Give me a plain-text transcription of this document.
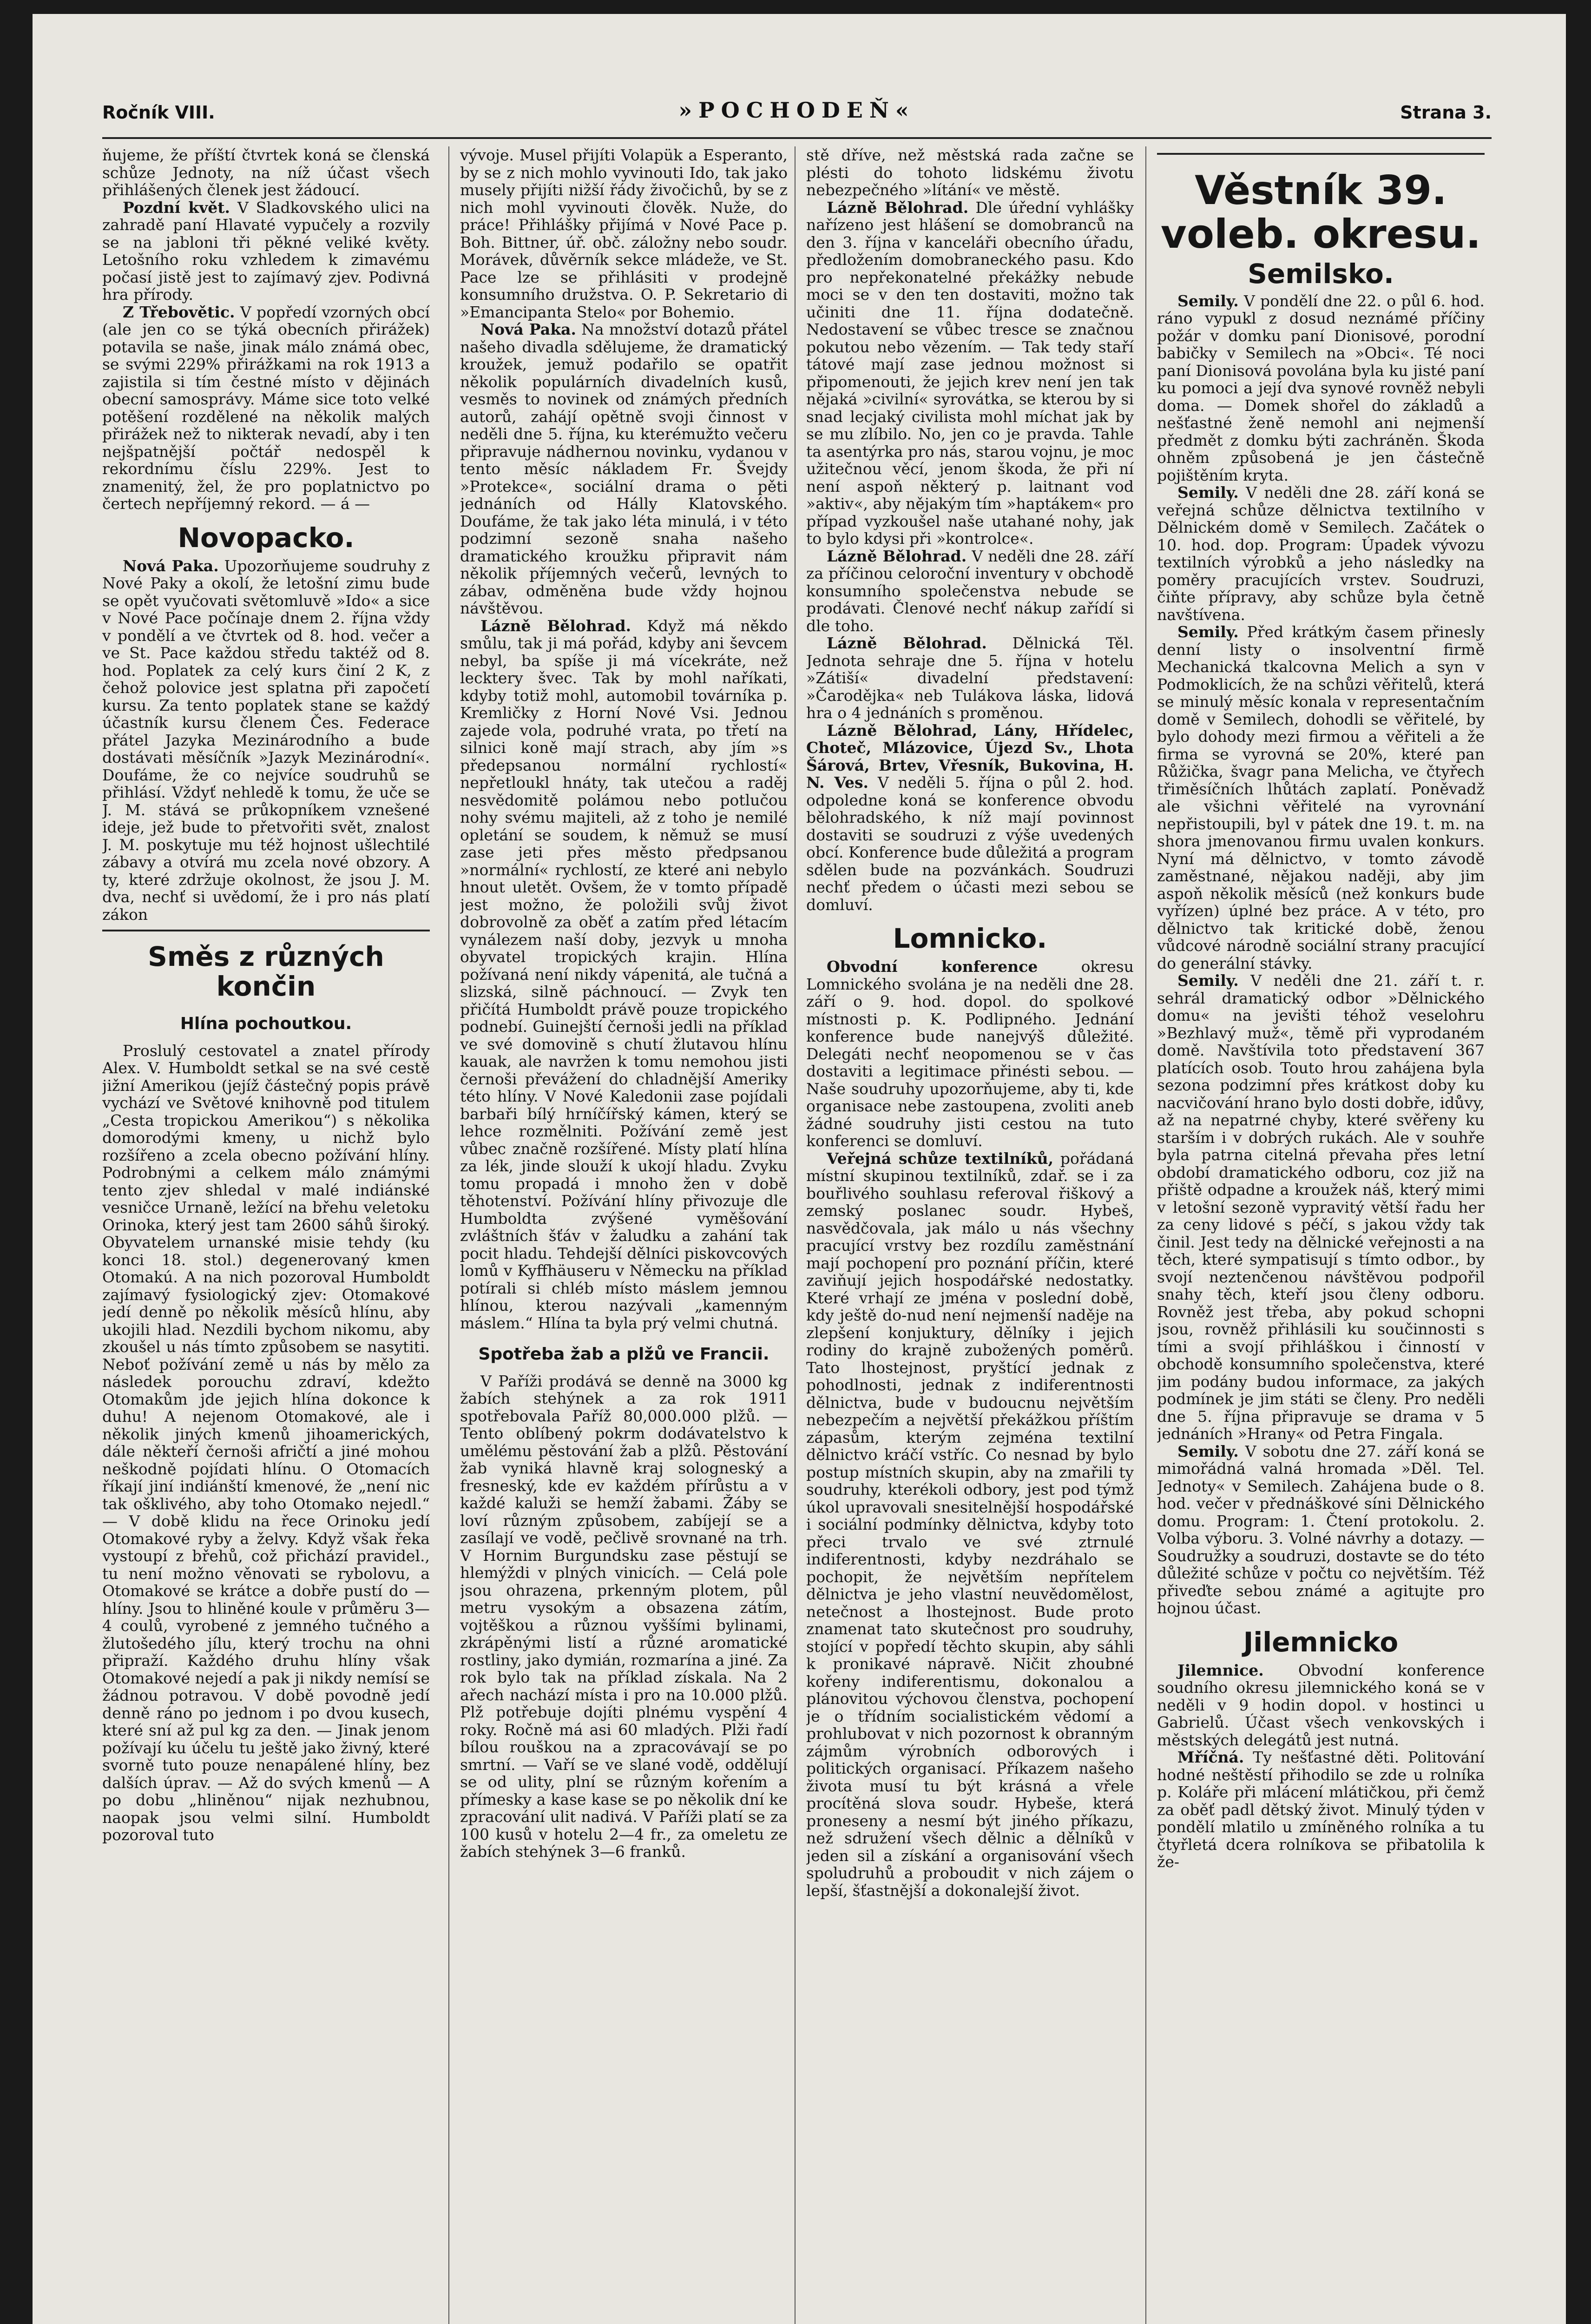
Ročník VIII.	»POCHODEŇ«	Strana 3.

ňujeme, že příští čtvrtek koná se členská schůze Jednoty, na níž účast všech přihlášených členek jest žádoucí.

Pozdní květ. V Sladkovského ulici na zahradě paní Hlavaté vypučely a rozvily se na jabloni tři pěkné veliké květy. Letošního roku vzhledem k zimavému počasí jistě jest to zajímavý zjev. Podivná hra přírody.

Z Třebovětic. V popředí vzorných obcí (ale jen co se týká obecních přirážek) potavila se naše, jinak málo známá obec, se svými 229% přirážkami na rok 1913 a zajistila si tím čestné místo v dějinách obecní samosprávy. Máme sice toto velké potěšení rozdělené na několik malých přirážek než to nikterak nevadí, aby i ten nejšpatnější počtář nedospěl k rekordnímu číslu 229%. Jest to znamenitý, žel, že pro poplatnictvo po čertech nepříjemný rekord. — á —

Novopacko.

Nová Paka. Upozorňujeme soudruhy z Nové Paky a okolí, že letošní zimu bude se opět vyučovati světomluvě »Ido« a sice v Nové Pace počínaje dnem 2. října vždy v pondělí a ve čtvrtek od 8. hod. večer a ve St. Pace každou středu taktéž od 8. hod. Poplatek za celý kurs činí 2 K, z čehož polovice jest splatna při započetí kursu. Za tento poplatek stane se každý účastník kursu členem Čes. Federace přátel Jazyka Mezinárodního a bude dostávati měsíčník »Jazyk Mezinárodní«. Doufáme, že co nejvíce soudruhů se přihlásí. Vždyť nehledě k tomu, že uče se J. M. stává se průkopníkem vznešené ideje, jež bude to přetvořiti svět, znalost J. M. poskytuje mu též hojnost ušlechtilé zábavy a otvírá mu zcela nové obzory. A ty, které zdržuje okolnost, že jsou J. M. dva, nechť si uvědomí, že i pro nás platí zákon

Směs z různých končin
Hlína pochoutkou.

Proslulý cestovatel a znatel přírody Alex. V. Humboldt setkal se na své cestě jižní Amerikou (jejíž částečný popis právě vychází ve Světové knihovně pod titulem „Cesta tropickou Amerikou“) s několika domorodými kmeny, u nichž bylo rozšířeno a zcela obecno požívání hlíny. Podrobnými a celkem málo známými tento zjev shledal v malé indiánské vesničce Urnaně, ležící na břehu veletoku Orinoka, který jest tam 2600 sáhů široký. Obyvatelem urnanské misie tehdy (ku konci 18. stol.) degenerovaný kmen Otomakú. A na nich pozoroval Humboldt zajímavý fysiologický zjev: Otomakové jedí denně po několik měsíců hlínu, aby ukojili hlad. Nezdili bychom nikomu, aby zkoušel u nás tímto způsobem se nasytiti. Neboť požívání země u nás by mělo za následek porouchu zdraví, kdežto Otomakům jde jejich hlína dokonce k duhu! A nejenom Otomakové, ale i několik jiných kmenů jihoamerických, dále někteří černoši afričtí a jiné mohou neškodně pojídati hlínu. O Otomacích říkají jiní indiánští kmenové, že „není nic tak ošklivého, aby toho Otomako nejedl.“ — V době klidu na řece Orinoku jedí Otomakové ryby a želvy. Když však řeka vystoupí z břehů, což přichází pravidel., tu není možno věnovati se rybolovu, a Otomakové se krátce a dobře pustí do — hlíny. Jsou to hliněné koule v průměru 3—4 coulů, vyrobené z jemného tučného a žlutošedého jílu, který trochu na ohni připraží. Každého druhu hlíny však Otomakové nejedí a pak ji nikdy nemísí se žádnou potravou. V době povodně jedí denně ráno po jednom i po dvou kusech, které sní až pul kg za den. — Jinak jenom požívají ku účelu tu ještě jako živný, které svorně tuto pouze nenapálené hlíny, bez dalších úprav. — Až do svých kmenů — A po dobu „hliněnou“ nijak nezhubnou, naopak jsou velmi silní. Humboldt pozoroval tuto

vývoje. Musel přijíti Volapük a Esperanto, by se z nich mohlo vyvinouti Ido, tak jako musely přijíti nižší řády živočichů, by se z nich mohl vyvinouti člověk. Nuže, do práce! Přihlášky přijímá v Nové Pace p. Boh. Bittner, úř. obč. záložny nebo soudr. Morávek, důvěrník sekce mládeže, ve St. Pace lze se přihlásiti v prodejně konsumního družstva. O. P. Sekretario di »Emancipanta Stelo« por Bohemio.

Nová Paka. Na množství dotazů přátel našeho divadla sdělujeme, že dramatický kroužek, jemuž podařilo se opatřit několik populárních divadelních kusů, vesměs to novinek od známých předních autorů, zahájí opětně svoji činnost v neděli dne 5. října, ku kterémužto večeru připravuje nádhernou novinku, vydanou v tento měsíc nákladem Fr. Švejdy »Protekce«, sociální drama o pěti jednáních od Hálly Klatovského. Doufáme, že tak jako léta minulá, i v této podzimní sezoně snaha našeho dramatického kroužku připravit nám několik příjemných večerů, levných to zábav, odměněna bude vždy hojnou návštěvou.

Lázně Bělohrad. Když má někdo smůlu, tak ji má pořád, kdyby ani ševcem nebyl, ba spíše ji má vícekráte, než lecktery švec. Tak by mohl naříkati, kdyby totiž mohl, automobil továrníka p. Kremličky z Horní Nové Vsi. Jednou zajede vola, podruhé vrata, po třetí na silnici koně mají strach, aby jím »s předepsanou normální rychlostí« nepřetloukl hnáty, tak utečou a raděj nesvědomitě polámou nebo potlučou nohy svému majiteli, až z toho je nemilé opletání se soudem, k němuž se musí zase jeti přes město předpsanou »normální« rychlostí, ze které ani nebylo hnout uletět. Ovšem, že v tomto případě jest možno, že položili svůj život dobrovolně za oběť a zatím před létacím vynálezem naší doby, jezvyk u mnoha obyvatel tropických krajin. Hlína požívaná není nikdy vápenitá, ale tučná a slizská, silně páchnoucí. — Zvyk ten přičítá Humboldt právě pouze tropického podnebí. Guinejští černoši jedli na příklad ve své domovině s chutí žlutavou hlínu kauak, ale navržen k tomu nemohou jisti černoši převážení do chladnější Ameriky této hlíny. V Nové Kaledonii zase pojídali barbaři bílý hrníčířský kámen, který se lehce rozmělniti. Požívání země jest vůbec značně rozšířené. Místy platí hlína za lék, jinde slouží k ukojí hladu. Zvyku tomu propadá i mnoho žen v době těhotenství. Požívání hlíny přivozuje dle Humboldta zvýšené vyměšování zvláštních šťáv v žaludku a zahání tak pocit hladu. Tehdejší dělníci piskovcových lomů v Kyffhäuseru v Německu na příklad potírali si chléb místo máslem jemnou hlínou, kterou nazývali „kamenným máslem.“ Hlína ta byla prý velmi chutná.

Spotřeba žab a plžů ve Francii.

V Paříži prodává se denně na 3000 kg žabích stehýnek a za rok 1911 spotřebovala Paříž 80,000.000 plžů. — Tento oblíbený pokrm dodávatelstvo k umělému pěstování žab a plžů. Pěstování žab vyniká hlavně kraj sologneský a fresneský, kde ev každém přírůstu a v každé kaluži se hemží žabami. Žáby se loví různým způsobem, zabíjejí se a zasílají ve vodě, pečlivě srovnané na trh. V Hornim Burgundsku zase pěstují se hlemýždi v plných vinicích. — Celá pole jsou ohrazena, prkenným plotem, půl metru vysokým a obsazena zátím, vojtěškou a různou vyššími bylinami, zkrápěnými listí a různé aromatické rostliny, jako dymián, rozmarína a jiné. Za rok bylo tak na příklad získala. Na 2 ařech nachází místa i pro na 10.000 plžů. Plž potřebuje dojíti plnému vyspění 4 roky. Ročně má asi 60 mladých. Plži řadí bílou rouškou na a zpracovávají se po smrtní. — Vaří se ve slané vodě, oddělují se od ulity, plní se různým kořením a přímesky a kase kase se po několik dní ke zpracování ulit nadivá. V Paříži platí se za 100 kusů v hotelu 2—4 fr., za omeletu ze žabích stehýnek 3—6 franků.

stě dříve, než městská rada začne se plésti do tohoto lidskému životu nebezpečného »lítání« ve městě.

Lázně Bělohrad. Dle úřední vyhlášky nařízeno jest hlášení se domobranců na den 3. října v kanceláři obecního úřadu, předložením domobraneckého pasu. Kdo pro nepřekonatelné překážky nebude moci se v den ten dostaviti, možno tak učiniti dne 11. října dodatečně. Nedostavení se vůbec tresce se značnou pokutou nebo vězením. — Tak tedy staří tátové mají zase jednou možnost si připomenouti, že jejich krev není jen tak nějaká »civilní« syrovátka, se kterou by si snad lecjaký civilista mohl míchat jak by se mu zlíbilo. No, jen co je pravda. Tahle ta asentýrka pro nás, starou vojnu, je moc užitečnou věcí, jenom škoda, že při ní není aspoň některý p. laitnant vod »aktiv«, aby nějakým tím »haptákem« pro případ vyzkoušel naše utahané nohy, jak to bylo kdysi při »kontrolce«.

Lázně Bělohrad. V neděli dne 28. září za příčinou celoroční inventury v obchodě konsumního společenstva nebude se prodávati. Členové nechť nákup zařídí si dle toho.

Lázně Bělohrad. Dělnická Těl. Jednota sehraje dne 5. října v hotelu »Zátiší« divadelní představení: »Čarodějka« neb Tulákova láska, lidová hra o 4 jednáních s proměnou.

Lázně Bělohrad, Lány, Hřídelec, Choteč, Mlázovice, Újezd Sv., Lhota Šárová, Brtev, Vřesník, Bukovina, H. N. Ves. V neděli 5. října o půl 2. hod. odpoledne koná se konference obvodu bělohradského, k níž mají povinnost dostaviti se soudruzi z výše uvedených obcí. Konference bude důležitá a program sdělen bude na pozvánkách. Soudruzi nechť předem o účasti mezi sebou se domluví.

Lomnicko.

Obvodní konference okresu Lomnického svolána je na neděli dne 28. září o 9. hod. dopol. do spolkové místnosti p. K. Podlipného. Jednání konference bude nanejvýš důležité. Delegáti nechť neopomenou se v čas dostaviti a legitimace přinésti sebou. — Naše soudruhy upozorňujeme, aby ti, kde organisace nebe zastoupena, zvoliti aneb žádné soudruhy jisti cestou na tuto konferenci se domluví.

Veřejná schůze textilníků, pořádaná místní skupinou textilníků, zdař. se i za bouřlivého souhlasu referoval řiškový a zemský poslanec soudr. Hybeš, nasvědčovala, jak málo u nás všechny pracující vrstvy bez rozdílu zaměstnání mají pochopení pro poznání příčin, které zaviňují jejich hospodářské nedostatky. Které vrhají ze jména v poslední době, kdy ještě do-nud není nejmenší naděje na zlepšení konjuktury, dělníky i jejich rodiny do krajně zubožených poměrů. Tato lhostejnost, pryštící jednak z pohodlnosti, jednak z indiferentnosti dělnictva, bude v budoucnu největším nebezpečím a největší překážkou příštím zápasům, kterým zejména textilní dělnictvo kráčí vstříc. Co nesnad by bylo postup místních skupin, aby na zmařili ty soudruhy, kterékoli odbory, jest pod týmž úkol upravovali snesitelnější hospodářské i sociální podmínky dělnictva, kdyby toto přeci trvalo ve své ztrnulé indiferentnosti, kdyby nezdráhalo se pochopit, že největším nepřítelem dělnictva je jeho vlastní neuvědomělost, netečnost a lhostejnost. Bude proto znamenat tato skutečnost pro soudruhy, stojící v popředí těchto skupin, aby sáhli k pronikavé nápravě. Ničit zhoubné kořeny indiferentismu, dokonalou a plánovitou výchovou členstva, pochopení je o třídním socialistickém vědomí a prohlubovat v nich pozornost k obranným zájmům výrobních odborových i politických organisací. Příkazem našeho života musí tu být krásná a vřele procítěná slova soudr. Hybeše, která proneseny a nesmí být jiného příkazu, než sdružení všech dělnic a dělníků v jeden sil a získání a organisování všech spoludruhů a proboudit v nich zájem o lepší, šťastnější a dokonalejší život.

Věstník 39. voleb. okresu.
Semilsko.

Semily. V pondělí dne 22. o půl 6. hod. ráno vypukl z dosud neznámé příčiny požár v domku paní Dionisové, porodní babičky v Semilech na »Obci«. Té noci paní Dionisová povolána byla ku jisté paní ku pomoci a její dva synové rovněž nebyli doma. — Domek shořel do základů a nešťastné ženě nemohl ani nejmenší předmět z domku býti zachráněn. Škoda ohněm způsobená je jen částečně pojištěním kryta.

Semily. V neděli dne 28. září koná se veřejná schůze dělnictva textilního v Dělnickém domě v Semilech. Začátek o 10. hod. dop. Program: Úpadek vývozu textilních výrobků a jeho následky na poměry pracujících vrstev. Soudruzi, čiňte přípravy, aby schůze byla četně navštívena.

Semily. Před krátkým časem přinesly denní listy o insolventní firmě Mechanická tkalcovna Melich a syn v Podmoklicích, že na schůzi věřitelů, která se minulý měsíc konala v representačním domě v Semilech, dohodli se věřitelé, by bylo dohody mezi firmou a věřiteli a že firma se vyrovná se 20%, které pan Růžička, švagr pana Melicha, ve čtyřech třiměsíčních lhůtách zaplatí. Poněvadž ale všichni věřitelé na vyrovnání nepřistoupili, byl v pátek dne 19. t. m. na shora jmenovanou firmu uvalen konkurs. Nyní má dělnictvo, v tomto závodě zaměstnané, nějakou naději, aby jim aspoň několik měsíců (než konkurs bude vyřízen) úplné bez práce. A v této, pro dělnictvo tak kritické době, ženou vůdcové národně sociální strany pracující do generální stávky.

Semily. V neděli dne 21. září t. r. sehrál dramatický odbor »Dělnického domu« na jevišti téhož veselohru »Bezhlavý muž«, těmě při vyprodaném domě. Navštívila toto představení 367 platících osob. Touto hrou zahájena byla sezona podzimní přes krátkost doby ku nacvičování hrano bylo dosti dobře, idůvy, až na nepatrné chyby, které svěřeny ku starším i v dobrých rukách. Ale v souhře byla patrna citelná převaha přes letní období dramatického odboru, coz již na přiště odpadne a kroužek náš, který mimi v letošní sezoně vypravitý větší řadu her za ceny lidové s péčí, s jakou vždy tak činil. Jest tedy na dělnické veřejnosti a na těch, které sympatisují s tímto odbor., by svojí neztenčenou návštěvou podpořil snahy těch, kteří jsou členy odboru. Rovněž jest třeba, aby pokud schopni jsou, rovněž přihlásili ku součinnosti s tími a svojí přihláškou i činností v obchodě konsumního společenstva, které jim podány budou informace, za jakých podmínek je jim státi se členy. Pro neděli dne 5. října připravuje se drama v 5 jednáních »Hrany« od Petra Fingala.

Semily. V sobotu dne 27. září koná se mimořádná valná hromada »Děl. Tel. Jednoty« v Semilech. Zahájena bude o 8. hod. večer v přednáškové síni Dělnického domu. Program: 1. Čtení protokolu. 2. Volba výboru. 3. Volné návrhy a dotazy. — Soudružky a soudruzi, dostavte se do této důležité schůze v počtu co největším. Též přiveďte sebou známé a agitujte pro hojnou účast.

Jilemnicko

Jilemnice. Obvodní konference soudního okresu jilemnického koná se v neděli v 9 hodin dopol. v hostinci u Gabrielů. Účast všech venkovských i městských delegátů jest nutná.

Mříčná. Ty nešťastné děti. Politování hodné neštěstí přihodilo se zde u rolníka p. Koláře při mlácení mlátičkou, při čemž za oběť padl dětský život. Minulý týden v pondělí mlatilo u zmíněného rolníka a tu čtyřletá dcera rolníkova se přibatolila k že-
